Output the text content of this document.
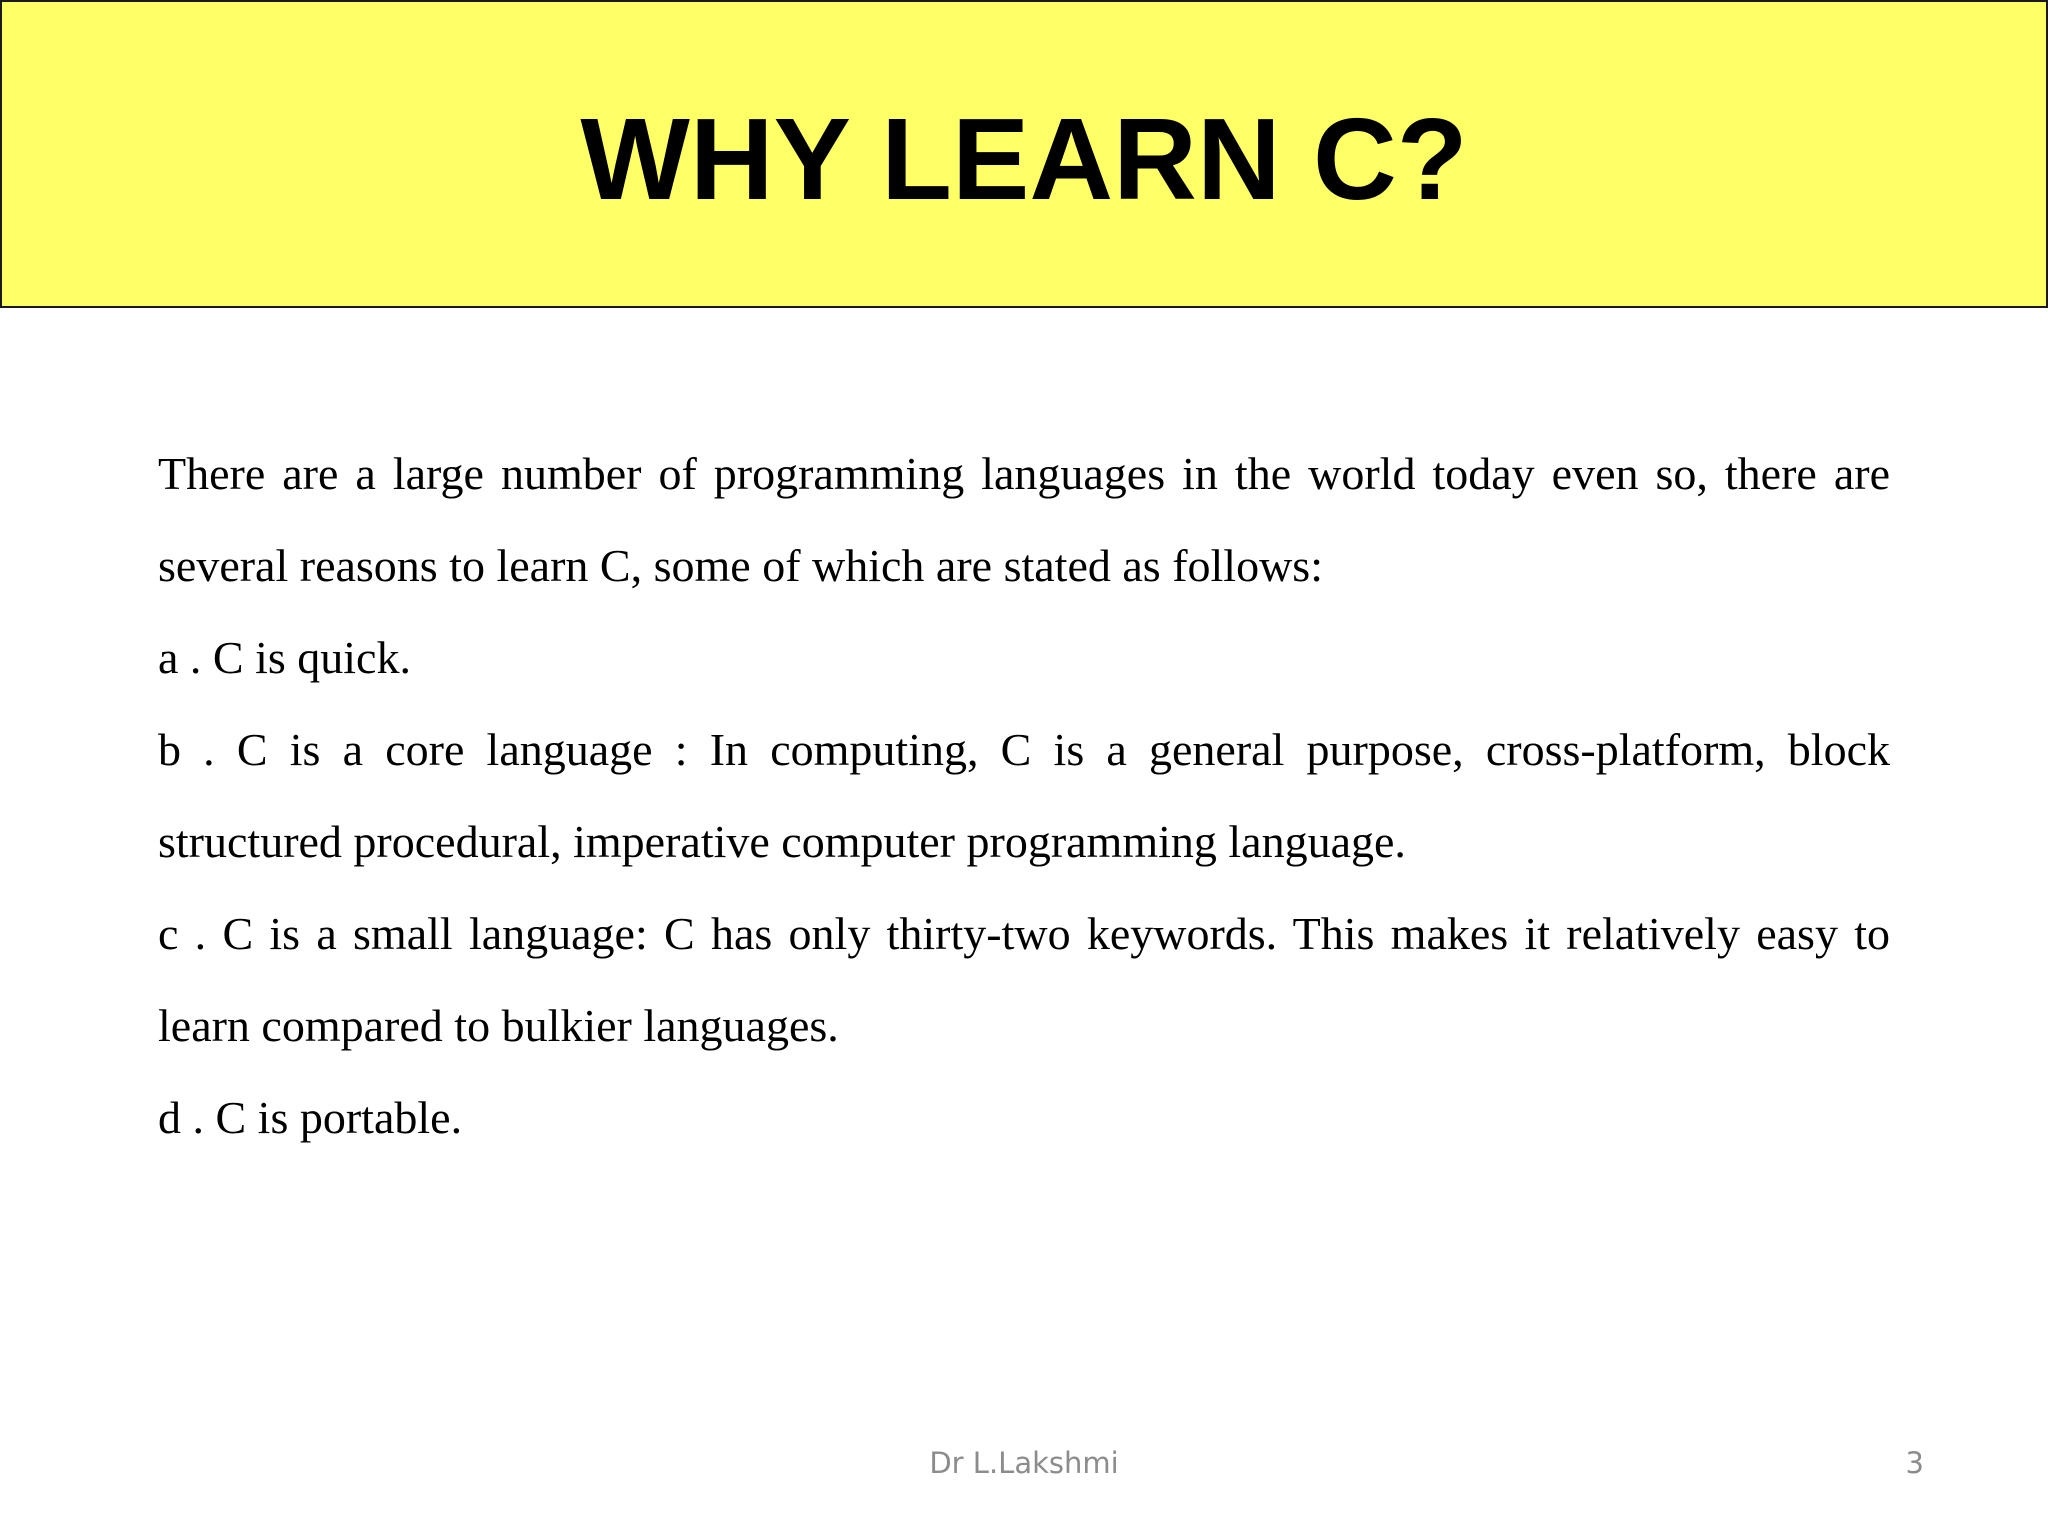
WHY LEARN C?

There are a large number of programming languages in the world today even so, there are several reasons to learn C, some of which are stated as follows:

a . C is quick.

b . C is a core language : In computing, C is a general purpose, cross-platform, block structured procedural, imperative computer programming language.

c . C is a small language: C has only thirty-two keywords. This makes it relatively easy to learn compared to bulkier languages.

d . C is portable.

Dr L.Lakshmi	3
